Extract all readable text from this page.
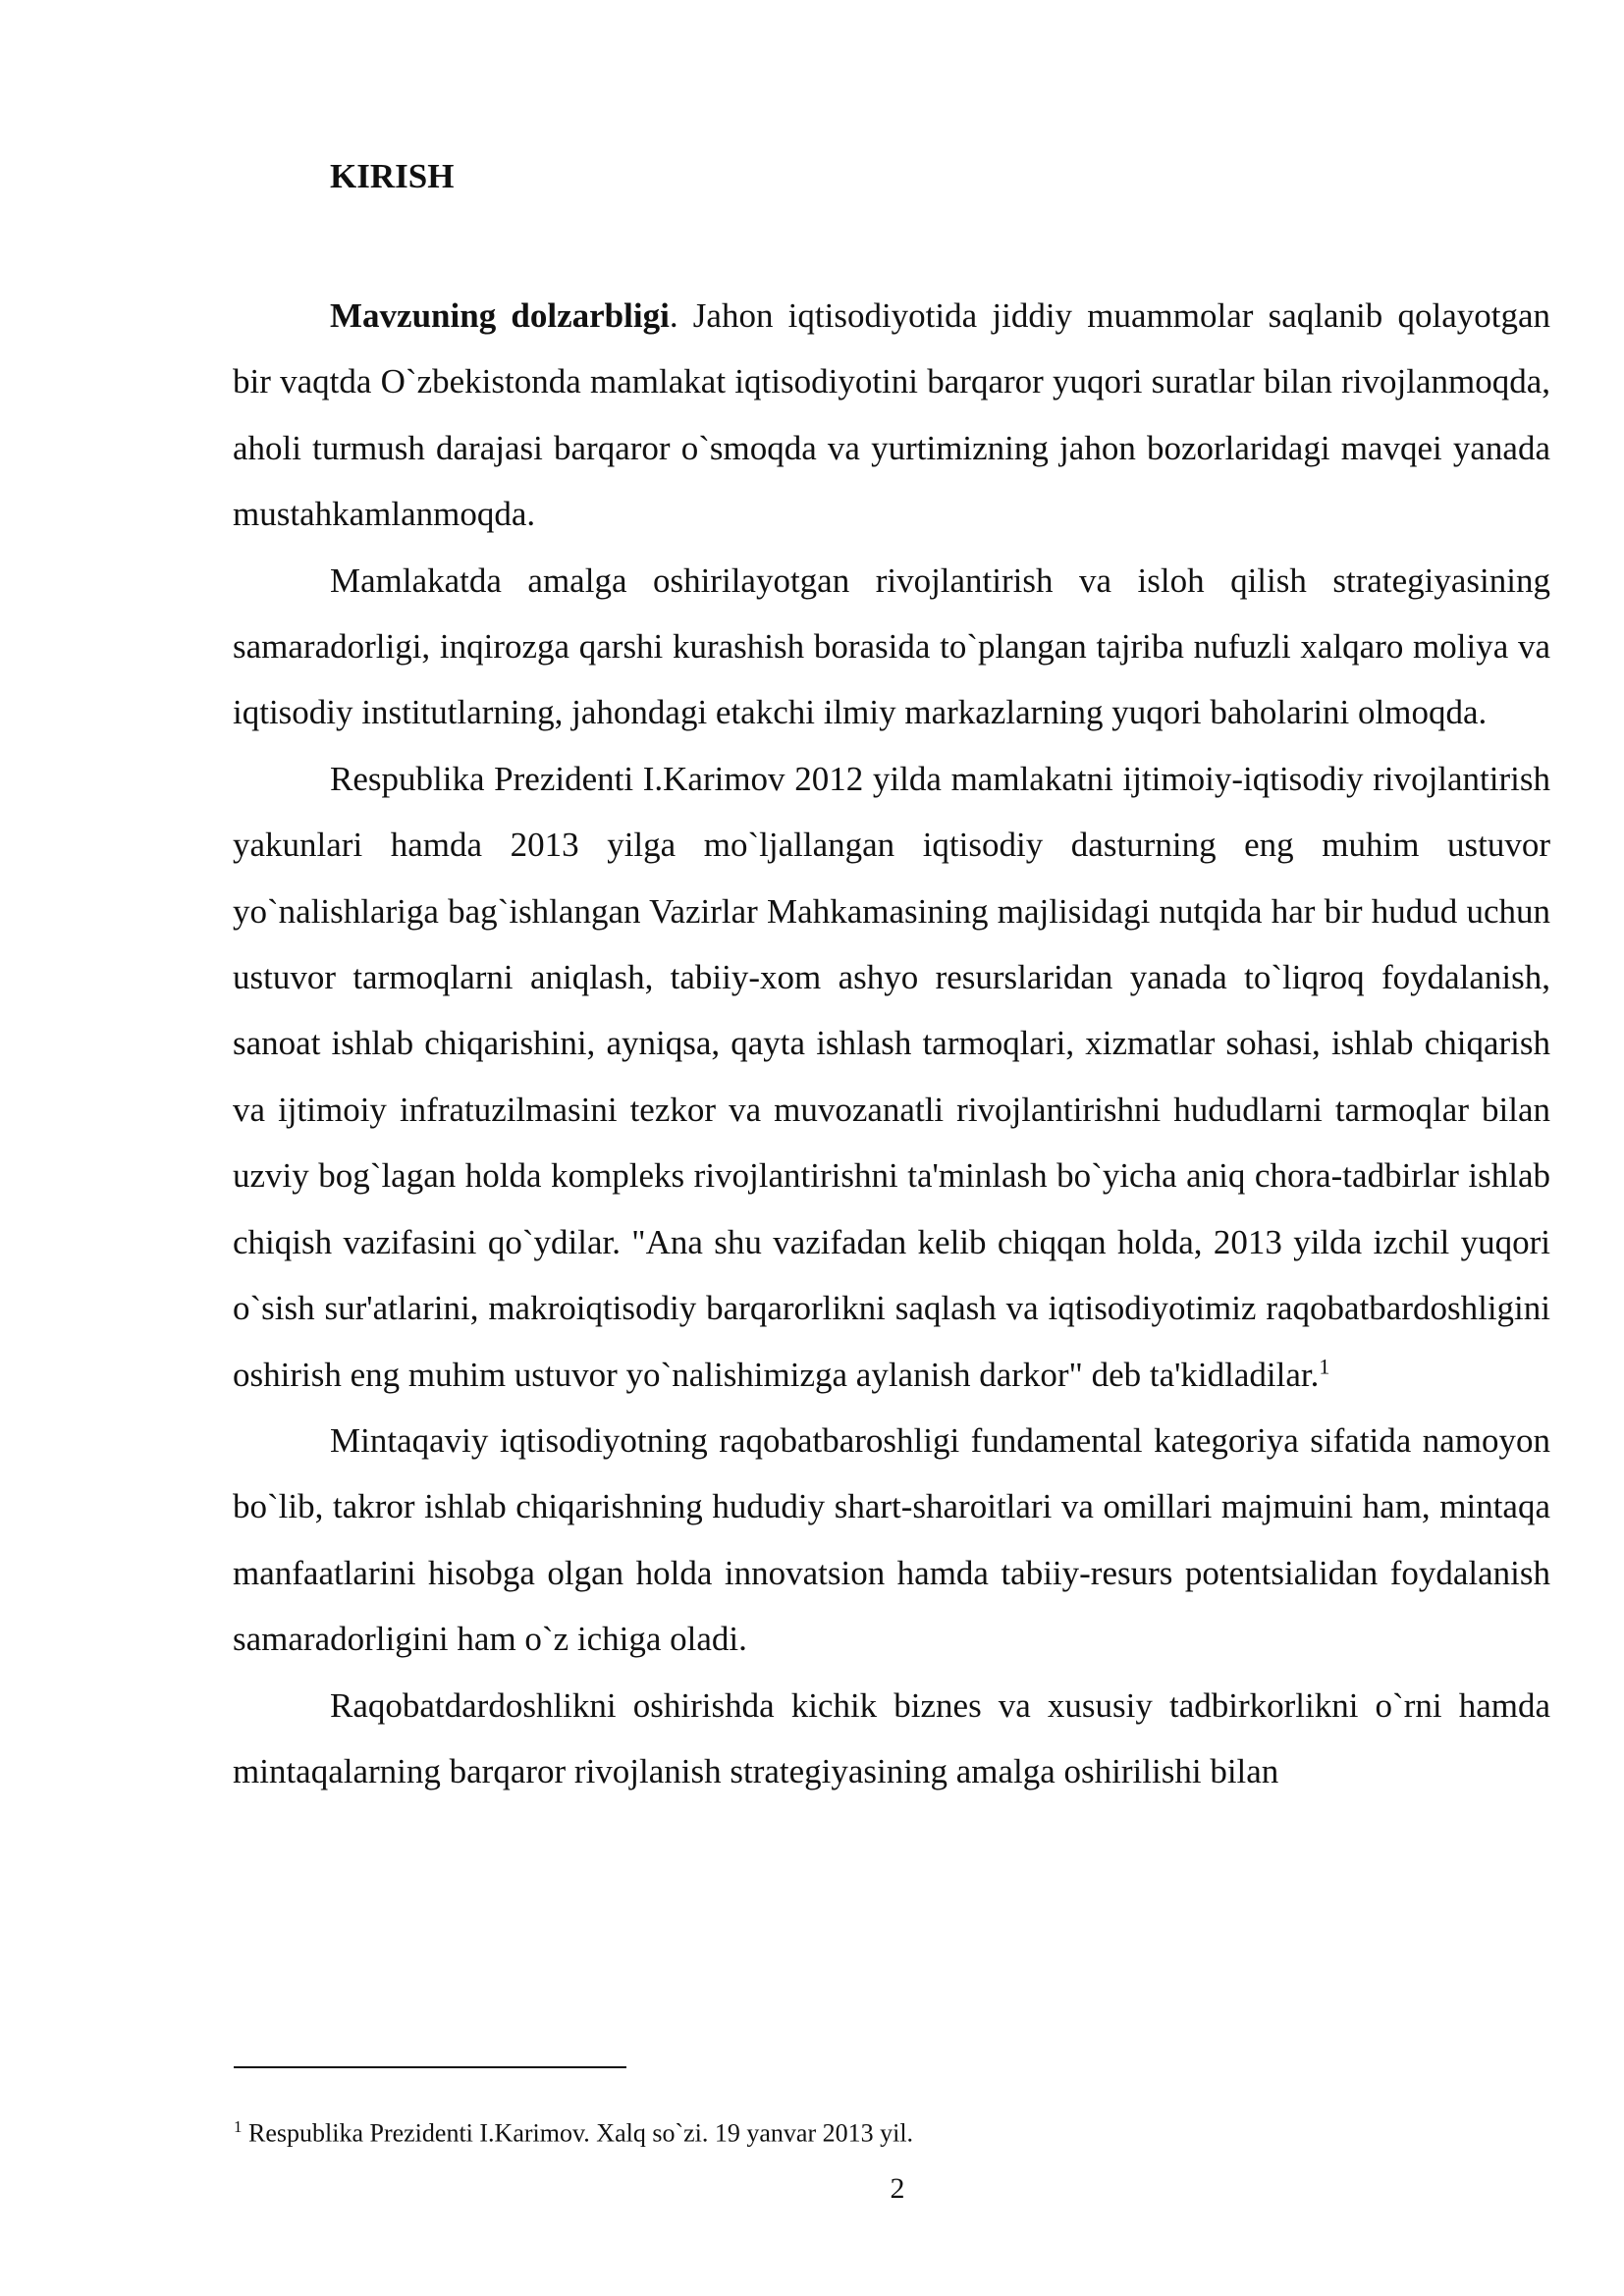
KIRISH

Mavzuning dolzarbligi. Jahon iqtisodiyotida jiddiy muammolar saqlanib qolayotgan bir vaqtda O`zbekistonda mamlakat iqtisodiyotini barqaror yuqori suratlar bilan rivojlanmoqda, aholi turmush darajasi barqaror o`smoqda va yurtimizning jahon bozorlaridagi mavqei yanada mustahkamlanmoqda.

Mamlakatda amalga oshirilayotgan rivojlantirish va isloh qilish strategiyasining samaradorligi, inqirozga qarshi kurashish borasida to`plangan tajriba nufuzli xalqaro moliya va iqtisodiy institutlarning, jahondagi etakchi ilmiy markazlarning yuqori baholarini olmoqda.

Respublika Prezidenti I.Karimov 2012 yilda mamlakatni ijtimoiy-iqtisodiy rivojlantirish yakunlari hamda 2013 yilga mo`ljallangan iqtisodiy dasturning eng muhim ustuvor yo`nalishlariga bag`ishlangan Vazirlar Mahkamasining majlisidagi nutqida har bir hudud uchun ustuvor tarmoqlarni aniqlash, tabiiy-xom ashyo resurslaridan yanada to`liqroq foydalanish, sanoat ishlab chiqarishini, ayniqsa, qayta ishlash tarmoqlari, xizmatlar sohasi, ishlab chiqarish va ijtimoiy infratuzilmasini tezkor va muvozanatli rivojlantirishni hududlarni tarmoqlar bilan uzviy bog`lagan holda kompleks rivojlantirishni ta'minlash bo`yicha aniq chora-tadbirlar ishlab chiqish vazifasini qo`ydilar. "Ana shu vazifadan kelib chiqqan holda, 2013 yilda izchil yuqori o`sish sur'atlarini, makroiqtisodiy barqarorlikni saqlash va iqtisodiyotimiz raqobatbardoshligini oshirish eng muhim ustuvor yo`nalishimizga aylanish darkor" deb ta'kidladilar.$^1$

Mintaqaviy iqtisodiyotning raqobatbaroshligi fundamental kategoriya sifatida namoyon bo`lib, takror ishlab chiqarishning hududiy shart-sharoitlari va omillari majmuini ham, mintaqa manfaatlarini hisobga olgan holda innovatsion hamda tabiiy-resurs potentsialidan foydalanish samaradorligini ham o`z ichiga oladi.

Raqobatdardoshlikni oshirishda kichik biznes va xususiy tadbirkorlikni o`rni hamda mintaqalarning barqaror rivojlanish strategiyasining amalga oshirilishi bilan

$^1$ Respublika Prezidenti I.Karimov. Xalq so`zi. 19 yanvar 2013 yil.

2
